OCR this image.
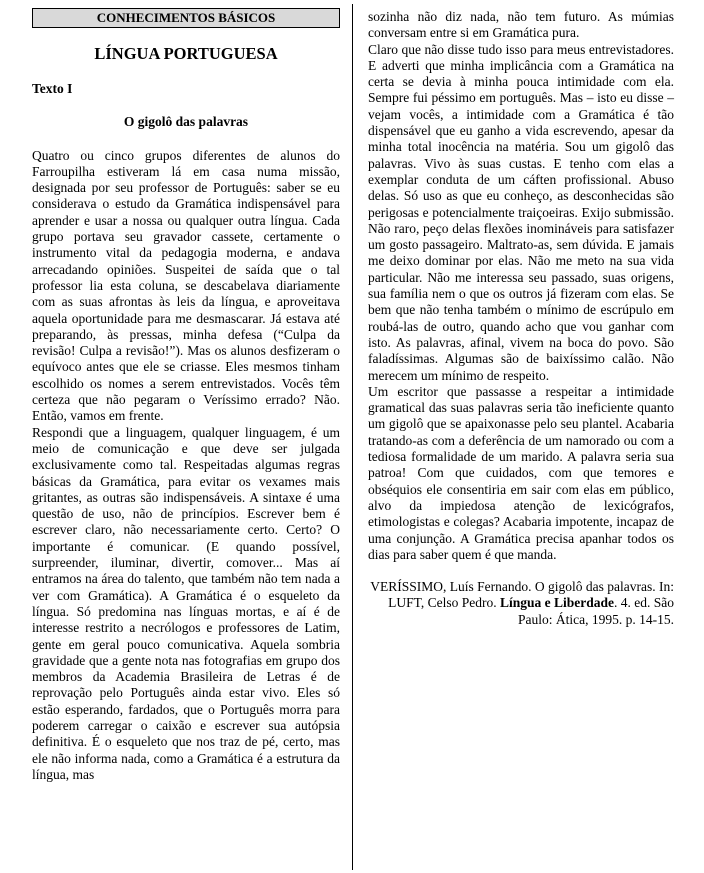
CONHECIMENTOS BÁSICOS
LÍNGUA PORTUGUESA
Texto I
O gigolô das palavras

Quatro ou cinco grupos diferentes de alunos do Farroupilha estiveram lá em casa numa missão, designada por seu professor de Português: saber se eu considerava o estudo da Gramática indispensável para aprender e usar a nossa ou qualquer outra língua. Cada grupo portava seu gravador cassete, certamente o instrumento vital da pedagogia moderna, e andava arrecadando opiniões. Suspeitei de saída que o tal professor lia esta coluna, se descabelava diariamente com as suas afrontas às leis da língua, e aproveitava aquela oportunidade para me desmascarar. Já estava até preparando, às pressas, minha defesa (“Culpa da revisão! Culpa a revisão!”). Mas os alunos desfizeram o equívoco antes que ele se criasse. Eles mesmos tinham escolhido os nomes a serem entrevistados. Vocês têm certeza que não pegaram o Veríssimo errado? Não. Então, vamos em frente.

Respondi que a linguagem, qualquer linguagem, é um meio de comunicação e que deve ser julgada exclusivamente como tal. Respeitadas algumas regras básicas da Gramática, para evitar os vexames mais gritantes, as outras são indispensáveis. A sintaxe é uma questão de uso, não de princípios. Escrever bem é escrever claro, não necessariamente certo. Certo? O importante é comunicar. (E quando possível, surpreender, iluminar, divertir, comover... Mas aí entramos na área do talento, que também não tem nada a ver com Gramática). A Gramática é o esqueleto da língua. Só predomina nas línguas mortas, e aí é de interesse restrito a necrólogos e professores de Latim, gente em geral pouco comunicativa. Aquela sombria gravidade que a gente nota nas fotografias em grupo dos membros da Academia Brasileira de Letras é de reprovação pelo Português ainda estar vivo. Eles só estão esperando, fardados, que o Português morra para poderem carregar o caixão e escrever sua autópsia definitiva. É o esqueleto que nos traz de pé, certo, mas ele não informa nada, como a Gramática é a estrutura da língua, mas

sozinha não diz nada, não tem futuro. As múmias conversam entre si em Gramática pura.

Claro que não disse tudo isso para meus entrevistadores. E adverti que minha implicância com a Gramática na certa se devia à minha pouca intimidade com ela. Sempre fui péssimo em português. Mas – isto eu disse – vejam vocês, a intimidade com a Gramática é tão dispensável que eu ganho a vida escrevendo, apesar da minha total inocência na matéria. Sou um gigolô das palavras. Vivo às suas custas. E tenho com elas a exemplar conduta de um cáften profissional. Abuso delas. Só uso as que eu conheço, as desconhecidas são perigosas e potencialmente traiçoeiras. Exijo submissão. Não raro, peço delas flexões inomináveis para satisfazer um gosto passageiro. Maltrato-as, sem dúvida. E jamais me deixo dominar por elas. Não me meto na sua vida particular. Não me interessa seu passado, suas origens, sua família nem o que os outros já fizeram com elas. Se bem que não tenha também o mínimo de escrúpulo em roubá-las de outro, quando acho que vou ganhar com isto. As palavras, afinal, vivem na boca do povo. São faladíssimas. Algumas são de baixíssimo calão. Não merecem um mínimo de respeito.

Um escritor que passasse a respeitar a intimidade gramatical das suas palavras seria tão ineficiente quanto um gigolô que se apaixonasse pelo seu plantel. Acabaria tratando-as com a deferência de um namorado ou com a tediosa formalidade de um marido. A palavra seria sua patroa! Com que cuidados, com que temores e obséquios ele consentiria em sair com elas em público, alvo da impiedosa atenção de lexicógrafos, etimologistas e colegas? Acabaria impotente, incapaz de uma conjunção. A Gramática precisa apanhar todos os dias para saber quem é que manda.

VERÍSSIMO, Luís Fernando. O gigolô das palavras. In: LUFT, Celso Pedro. Língua e Liberdade. 4. ed. São Paulo: Ática, 1995. p. 14-15.
